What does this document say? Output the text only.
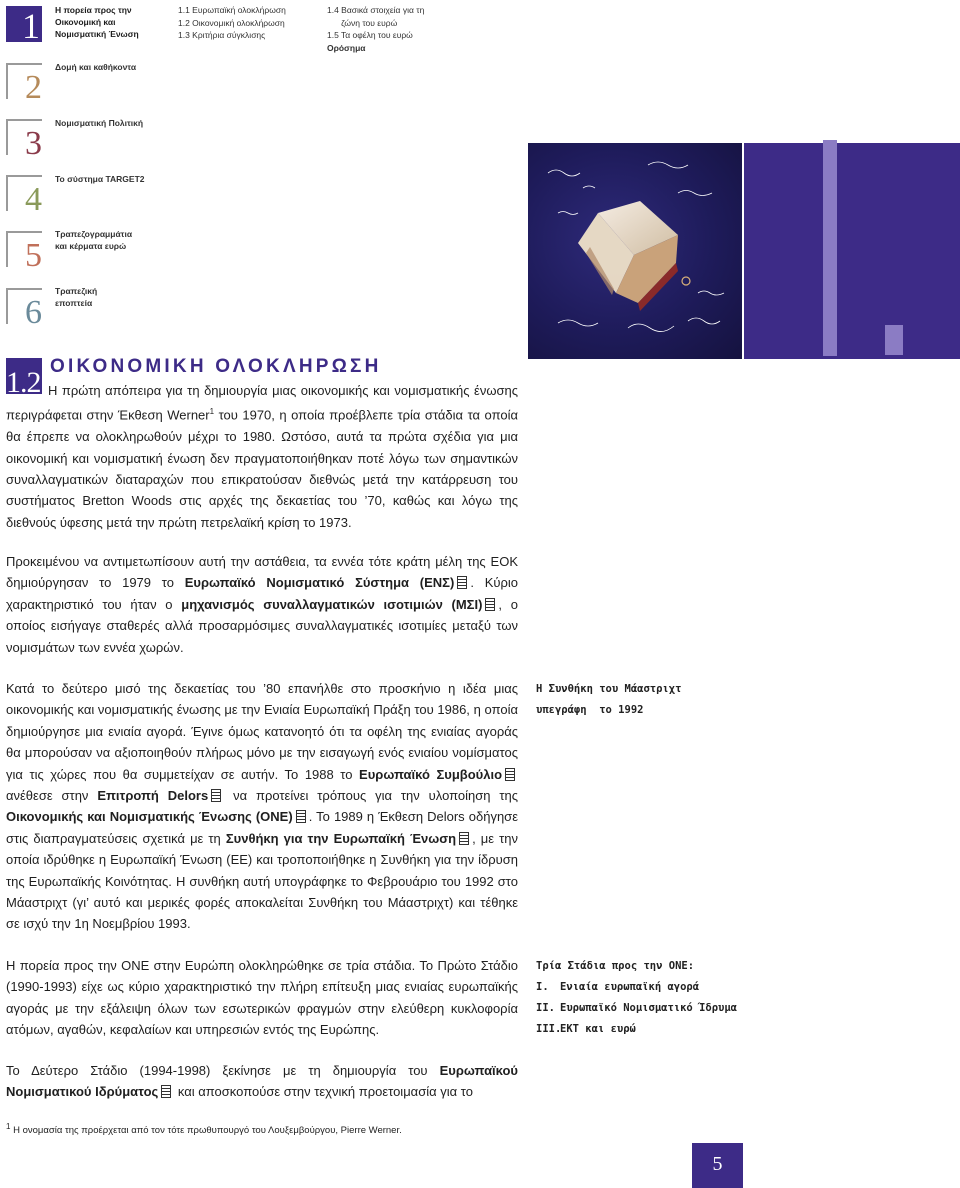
1 Η πορεία προς την
Οικονομική και
Νομισματική Ένωση
1.1 Ευρωπαϊκή ολοκλήρωση
1.2 Οικονομική ολοκλήρωση
1.3 Κριτήρια σύγκλισης
1.4 Βασικά στοιχεία για τη
ζώνη του ευρώ
1.5 Τα οφέλη του ευρώ
Ορόσημα
2
Δομή και καθήκοντα
3
Νομισματική Πολιτική
4
Το σύστημα TARGET2
5
Τραπεζογραμμάτια
και κέρματα ευρώ
6
Τραπεζική
εποπτεία
1.2 ΟΙΚΟΝΟΜΙΚΗ ΟΛΟΚΛΗΡΩΣΗ
Η πρώτη απόπειρα για τη δημιουργία μιας οικονομικής και νομισματικής ένωσης περιγράφεται στην Έκθεση Werner$^1$ του 1970, η οποία προέβλεπε τρία στάδια τα οποία θα έπρεπε να ολοκληρωθούν μέχρι το 1980. Ωστόσο, αυτά τα πρώτα σχέδια για μια οικονομική και νομισματική ένωση δεν πραγματοποιήθηκαν ποτέ λόγω των σημαντικών συναλλαγματικών διαταραχών που επικρατούσαν διεθνώς μετά την κατάρρευση του συστήματος Bretton Woods στις αρχές της δεκαετίας του ’70, καθώς και λόγω της διεθνούς ύφεσης μετά την πρώτη πετρελαϊκή κρίση το 1973.
Προκειμένου να αντιμετωπίσουν αυτή την αστάθεια, τα εννέα τότε κράτη μέλη της ΕΟΚ δημιούργησαν το 1979 το Ευρωπαϊκό Νομισματικό Σύστημα (ΕΝΣ) . Κύριο χαρακτηριστικό του ήταν ο μηχανισμός συναλλαγματικών ισοτιμιών (ΜΣΙ) , ο οποίος εισήγαγε σταθερές αλλά προσαρμόσιμες συναλλαγματικές ισοτιμίες μεταξύ των νομισμάτων των εννέα χωρών.
Κατά το δεύτερο μισό της δεκαετίας του ’80 επανήλθε στο προσκήνιο η ιδέα μιας οικονομικής και νομισματικής ένωσης με την Ενιαία Ευρωπαϊκή Πράξη του 1986, η οποία δημιούργησε μια ενιαία αγορά. Έγινε όμως κατανοητό ότι τα οφέλη της ενιαίας αγοράς θα μπορούσαν να αξιοποιηθούν πλήρως μόνο με την εισαγωγή ενός ενιαίου νομίσματος για τις χώρες που θα συμμετείχαν σε αυτήν. Το 1988 το Ευρωπαϊκό Συμβούλιο ανέθεσε στην Επιτροπή Delors να προτείνει τρόπους για την υλοποίηση της Οικονομικής και Νομισματικής Ένωσης (ΟΝΕ) . Το 1989 η Έκθεση Delors οδήγησε στις διαπραγματεύσεις σχετικά με τη Συνθήκη για την Ευρωπαϊκή Ένωση , με την οποία ιδρύθηκε η Ευρωπαϊκή Ένωση (ΕΕ) και τροποποιήθηκε η Συνθήκη για την ίδρυση της Ευρωπαϊκής Κοινότητας. Η συνθήκη αυτή υπογράφηκε το Φεβρουάριο του 1992 στο Μάαστριχτ (γι’ αυτό και μερικές φορές αποκαλείται Συνθήκη του Μάαστριχτ) και τέθηκε σε ισχύ την 1η Νοεμβρίου 1993.
Η πορεία προς την ΟΝΕ στην Ευρώπη ολοκληρώθηκε σε τρία στάδια. Το Πρώτο Στάδιο (1990-1993) είχε ως κύριο χαρακτηριστικό την πλήρη επίτευξη μιας ενιαίας ευρωπαϊκής αγοράς με την εξάλειψη όλων των εσωτερικών φραγμών στην ελεύθερη κυκλοφορία ατόμων, αγαθών, κεφαλαίων και υπηρεσιών εντός της Ευρώπης.
Το Δεύτερο Στάδιο (1994-1998) ξεκίνησε με τη δημιουργία του Ευρωπαϊκού Νομισματικού Ιδρύματος και αποσκοπούσε στην τεχνική προετοιμασία για το
Η Συνθήκη του Μάαστριχτ
υπεγράφη  το 1992
Τρία Στάδια προς την ΟΝΕ:
I. Ενιαία ευρωπαϊκή αγορά
II. Ευρωπαϊκό Νομισματικό Ίδρυμα
III.ΕΚΤ και ευρώ
$^1$ Η ονομασία της προέρχεται από τον τότε πρωθυπουργό του Λουξεμβούργου, Pierre Werner.
5
